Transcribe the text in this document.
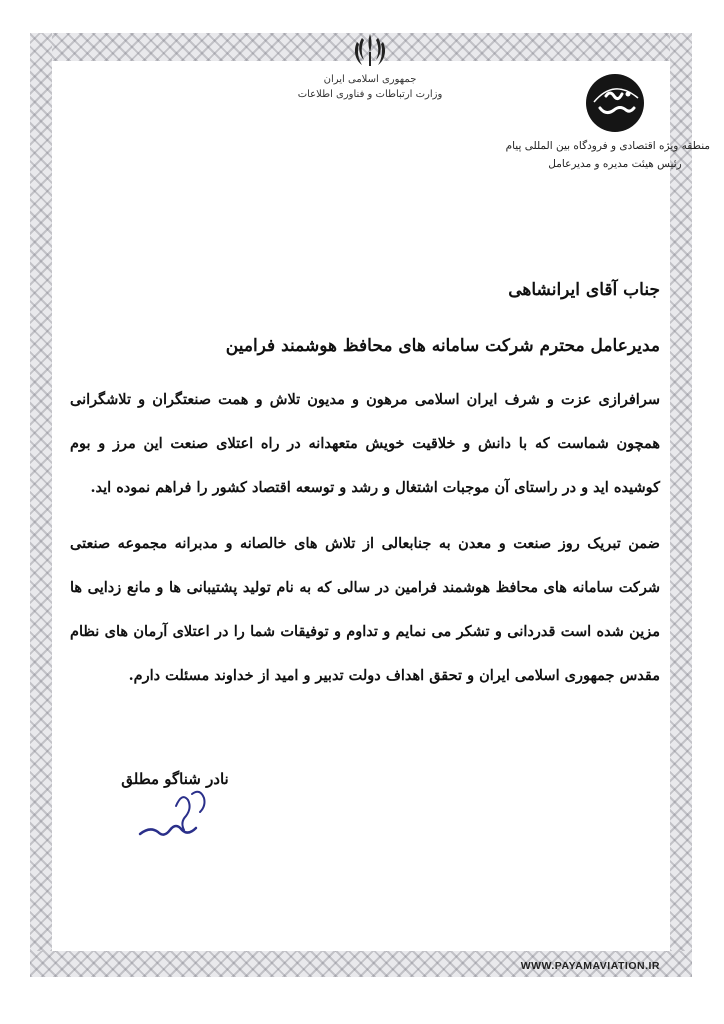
جمهوری اسلامی ایران
وزارت ارتباطات و فناوری اطلاعات
منطقه ویژه اقتصادی و فرودگاه بین المللی پیام
رئیس هیئت مدیره و مدیرعامل
جناب آقای ایرانشاهی
مدیرعامل محترم شرکت سامانه های محافظ هوشمند فرامین
سرافرازی عزت و شرف ایران اسلامی مرهون و مدیون تلاش و همت صنعتگران و تلاشگرانی همچون شماست که با دانش و خلاقیت خویش متعهدانه در راه اعتلای صنعت این مرز و بوم کوشیده اید و در راستای آن موجبات اشتغال و رشد و توسعه اقتصاد کشور را فراهم نموده اید.
ضمن تبریک روز صنعت و معدن به جنابعالی از تلاش های خالصانه و مدبرانه مجموعه صنعتی شرکت سامانه های محافظ هوشمند فرامین در سالی که به نام تولید پشتیبانی ها و مانع زدایی ها مزین شده است قدردانی و تشکر می نمایم و تداوم و توفیقات شما را در اعتلای آرمان های نظام مقدس جمهوری اسلامی ایران و تحقق اهداف دولت تدبیر و امید از خداوند مسئلت دارم.
نادر شناگو مطلق
WWW.PAYAMAVIATION.IR
